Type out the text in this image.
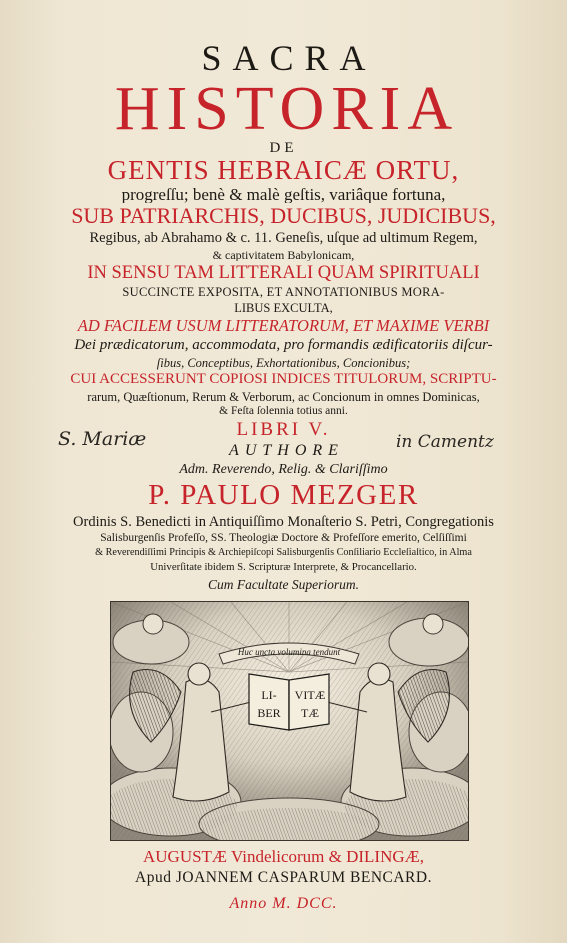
SACRA
HISTORIA
DE
GENTIS HEBRAICÆ ORTU,
progreſſu; benè & malè geſtis, variâque fortuna,
SUB PATRIARCHIS, DUCIBUS, JUDICIBUS,
Regibus, ab Abrahamo & c. 11. Geneſis, uſque ad ultimum Regem,
& captivitatem Babylonicam,
IN SENSU TAM LITTERALI QUAM SPIRITUALI
SUCCINCTE EXPOSITA, ET ANNOTATIONIBUS MORA-
LIBUS EXCULTA,
AD FACILEM USUM LITTERATORUM, ET MAXIME VERBI
Dei prædicatorum, accommodata, pro formandis ædificatoriis diſcur-
ſibus, Conceptibus, Exhortationibus, Concionibus;
CUI ACCESSERUNT COPIOSI INDICES TITULORUM, SCRIPTU-
rarum, Quæſtionum, Rerum & Verborum, ac Concionum in omnes Dominicas,
& Feſta ſolennia totius anni.
LIBRI V.
S. Mariæ	in Camentz
AUTHORE
Adm. Reverendo, Relig. & Clariſſimo
P. PAULO MEZGER
Ordinis S. Benedicti in Antiquiſſimo Monaſterio S. Petri, Congregationis
Salisburgenſis Profeſſo, SS. Theologiæ Doctore & Profeſſore emerito, Celſiſſimi
& Reverendiſſimi Principis & Archiepiſcopi Salisburgenſis Conſiliario Eccleſiaſtico, in Alma
Univerſitate ibidem S. Scripturæ Interprete, & Procancellario.
Cum Facultate Superiorum.
Huc uncta volumina tendunt
LI- VITÆ
BER TÆ
AUGUSTÆ Vindelicorum & DILINGÆ,
Apud JOANNEM CASPARUM BENCARD.
Anno M. DCC.
